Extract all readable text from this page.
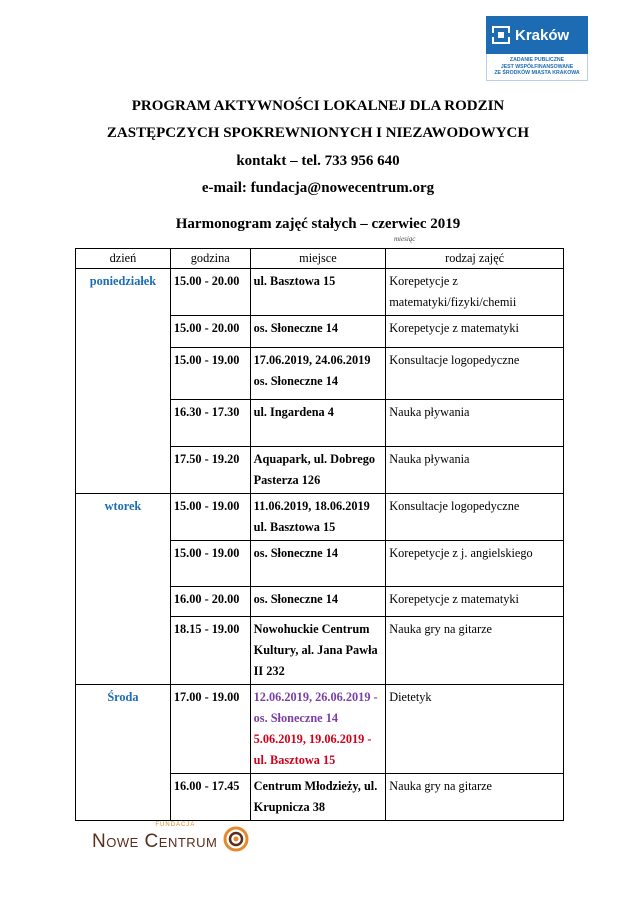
Kraków
ZADANIE PUBLICZNE
JEST WSPÓŁFINANSOWANE
ZE ŚRODKÓW MIASTA KRAKOWA
PROGRAM AKTYWNOŚCI LOKALNEJ DLA RODZIN
ZASTĘPCZYCH SPOKREWNIONYCH I NIEZAWODOWYCH
kontakt – tel. 733 956 640
e-mail: fundacja@nowecentrum.org
Harmonogram zajęć stałych – czerwiec 2019
miesiąc
dzień	godzina	miejsce	rodzaj zajęć
poniedziałek	15.00 - 20.00	ul. Basztowa 15	Korepetycje z
matematyki/fizyki/chemii

	15.00 - 20.00	os. Słoneczne 14	Korepetycje z matematyki

	15.00 - 19.00	17.06.2019, 24.06.2019
os. Słoneczne 14	Konsultacje logopedyczne

	16.30 - 17.30	ul. Ingardena 4	Nauka pływania

	17.50 - 19.20	Aquapark, ul. Dobrego
Pasterza 126	Nauka pływania

wtorek	15.00 - 19.00	11.06.2019, 18.06.2019
ul. Basztowa 15	Konsultacje logopedyczne

	15.00 - 19.00	os. Słoneczne 14	Korepetycje z j. angielskiego

	16.00 - 20.00	os. Słoneczne 14	Korepetycje z matematyki

	18.15 - 19.00	Nowohuckie Centrum
Kultury, al. Jana Pawła
II 232	Nauka gry na gitarze

Środa	17.00 - 19.00	12.06.2019, 26.06.2019 -
os. Słoneczne 14
5.06.2019, 19.06.2019 -
ul. Basztowa 15	Dietetyk

	16.00 - 17.45	Centrum Młodzieży, ul.
Krupnicza 38	Nauka gry na gitarze
FUNDACJA
Nowe Centrum
